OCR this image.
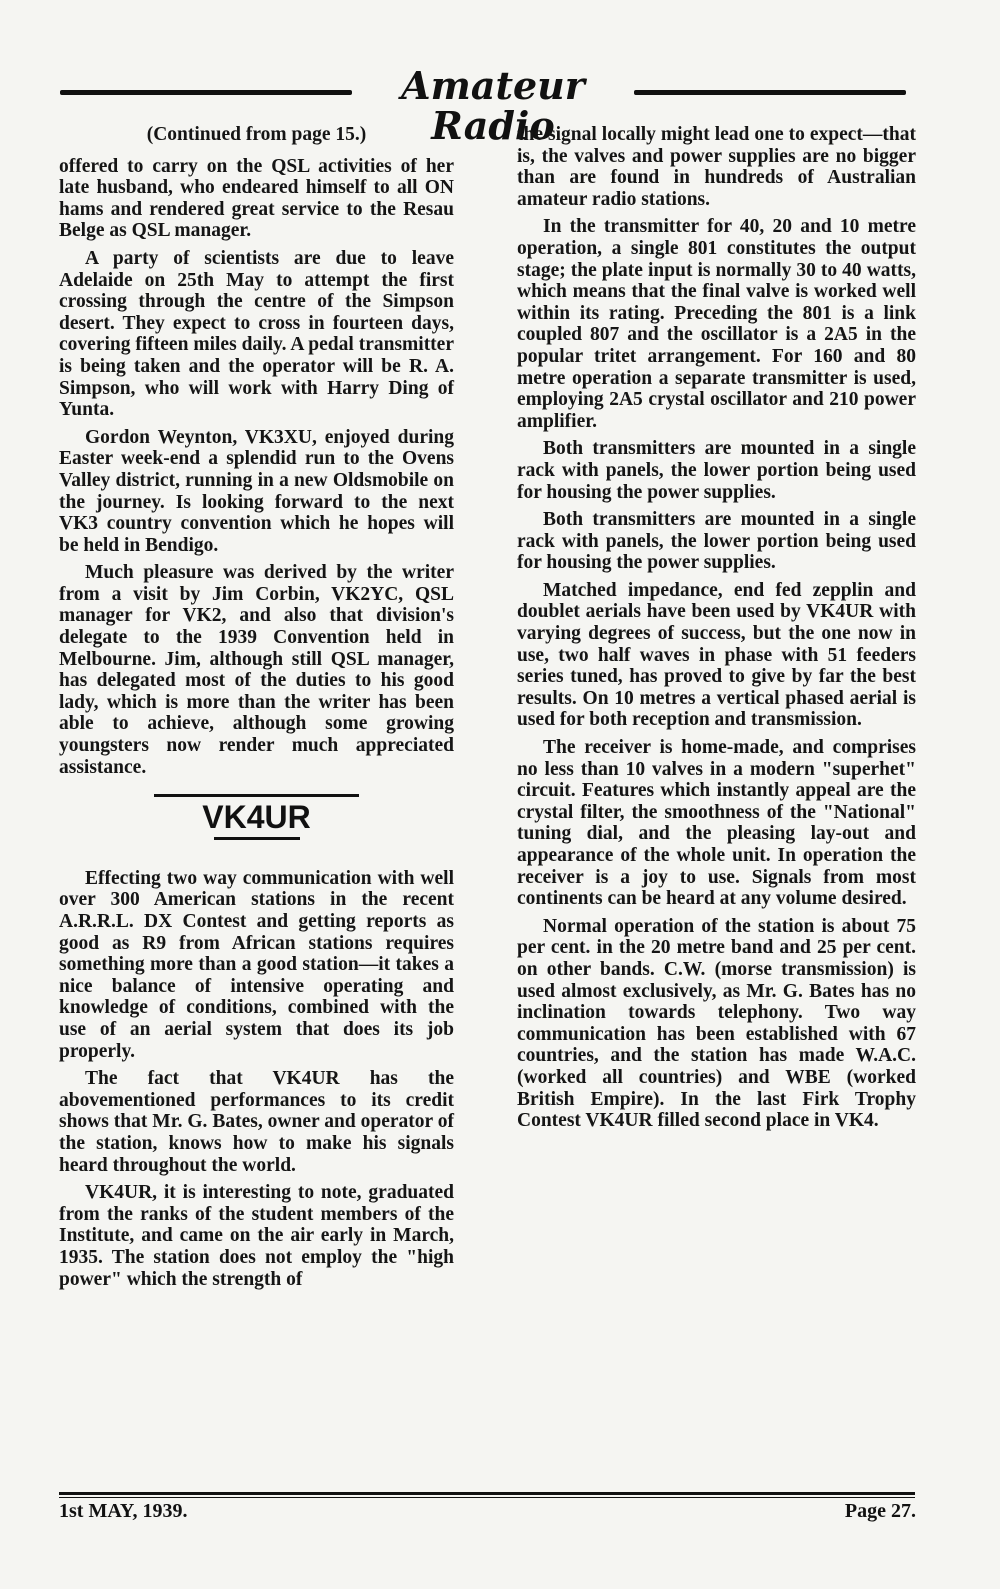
Amateur Radio

(Continued from page 15.)

offered to carry on the QSL activities of her late husband, who endeared himself to all ON hams and rendered great service to the Resau Belge as QSL manager.

A party of scientists are due to leave Adelaide on 25th May to attempt the first crossing through the centre of the Simpson desert. They expect to cross in fourteen days, covering fifteen miles daily. A pedal transmitter is being taken and the operator will be R. A. Simpson, who will work with Harry Ding of Yunta.

Gordon Weynton, VK3XU, enjoyed during Easter week-end a splendid run to the Ovens Valley district, running in a new Oldsmobile on the journey. Is looking forward to the next VK3 country convention which he hopes will be held in Bendigo.

Much pleasure was derived by the writer from a visit by Jim Corbin, VK2YC, QSL manager for VK2, and also that division's delegate to the 1939 Convention held in Melbourne. Jim, although still QSL manager, has delegated most of the duties to his good lady, which is more than the writer has been able to achieve, although some growing youngsters now render much appreciated assistance.

VK4UR

Effecting two way communication with well over 300 American stations in the recent A.R.R.L. DX Contest and getting reports as good as R9 from African stations requires something more than a good station—it takes a nice balance of intensive operating and knowledge of conditions, combined with the use of an aerial system that does its job properly.

The fact that VK4UR has the abovementioned performances to its credit shows that Mr. G. Bates, owner and operator of the station, knows how to make his signals heard throughout the world.

VK4UR, it is interesting to note, graduated from the ranks of the student members of the Institute, and came on the air early in March, 1935. The station does not employ the "high power" which the strength of

the signal locally might lead one to expect—that is, the valves and power supplies are no bigger than are found in hundreds of Australian amateur radio stations.

In the transmitter for 40, 20 and 10 metre operation, a single 801 constitutes the output stage; the plate input is normally 30 to 40 watts, which means that the final valve is worked well within its rating. Preceding the 801 is a link coupled 807 and the oscillator is a 2A5 in the popular tritet arrangement. For 160 and 80 metre operation a separate transmitter is used, employing 2A5 crystal oscillator and 210 power amplifier.

Both transmitters are mounted in a single rack with panels, the lower portion being used for housing the power supplies.

Both transmitters are mounted in a single rack with panels, the lower portion being used for housing the power supplies.

Matched impedance, end fed zepplin and doublet aerials have been used by VK4UR with varying degrees of success, but the one now in use, two half waves in phase with 51 feeders series tuned, has proved to give by far the best results. On 10 metres a vertical phased aerial is used for both reception and transmission.

The receiver is home-made, and comprises no less than 10 valves in a modern "superhet" circuit. Features which instantly appeal are the crystal filter, the smoothness of the "National" tuning dial, and the pleasing lay-out and appearance of the whole unit. In operation the receiver is a joy to use. Signals from most continents can be heard at any volume desired.

Normal operation of the station is about 75 per cent. in the 20 metre band and 25 per cent. on other bands. C.W. (morse transmission) is used almost exclusively, as Mr. G. Bates has no inclination towards telephony. Two way communication has been established with 67 countries, and the station has made W.A.C. (worked all countries) and WBE (worked British Empire). In the last Firk Trophy Contest VK4UR filled second place in VK4.

1st MAY, 1939.	Page 27.
